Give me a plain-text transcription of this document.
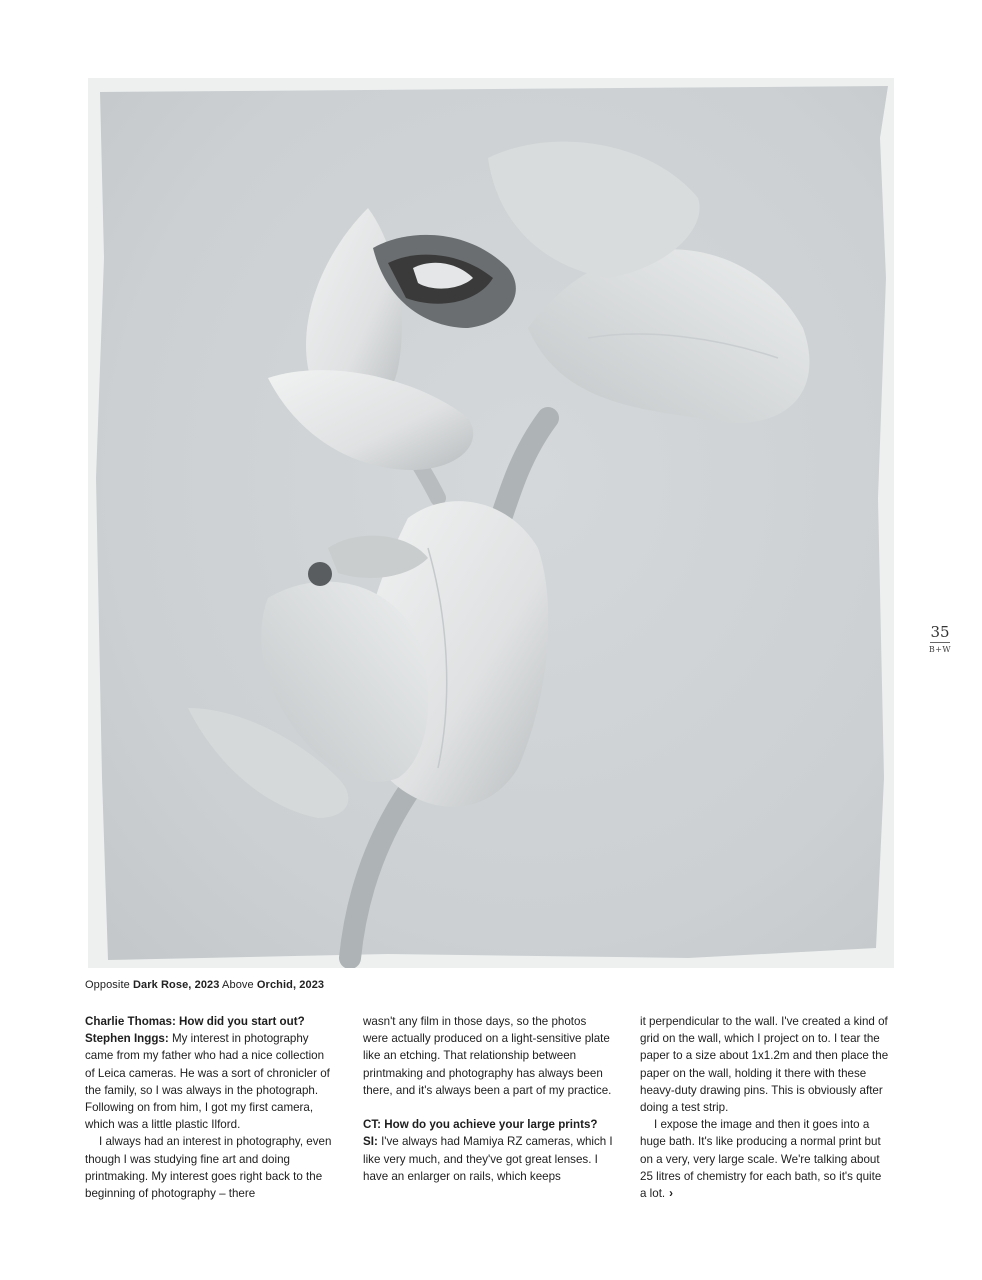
Opposite Dark Rose, 2023 Above Orchid, 2023
35
B+W

Charlie Thomas: How did you start out?

Stephen Inggs: My interest in photography came from my father who had a nice collection of Leica cameras. He was a sort of chronicler of the family, so I was always in the photograph. Following on from him, I got my first camera, which was a little plastic Ilford.

I always had an interest in photography, even though I was studying fine art and doing printmaking. My interest goes right back to the beginning of photography – there

wasn't any film in those days, so the photos were actually produced on a light-sensitive plate like an etching. That relationship between printmaking and photography has always been there, and it's always been a part of my practice.

CT: How do you achieve your large prints?

SI: I've always had Mamiya RZ cameras, which I like very much, and they've got great lenses. I have an enlarger on rails, which keeps

it perpendicular to the wall. I've created a kind of grid on the wall, which I project on to. I tear the paper to a size about 1x1.2m and then place the paper on the wall, holding it there with these heavy-duty drawing pins. This is obviously after doing a test strip.

I expose the image and then it goes into a huge bath. It's like producing a normal print but on a very, very large scale. We're talking about 25 litres of chemistry for each bath, so it's quite a lot. ›
